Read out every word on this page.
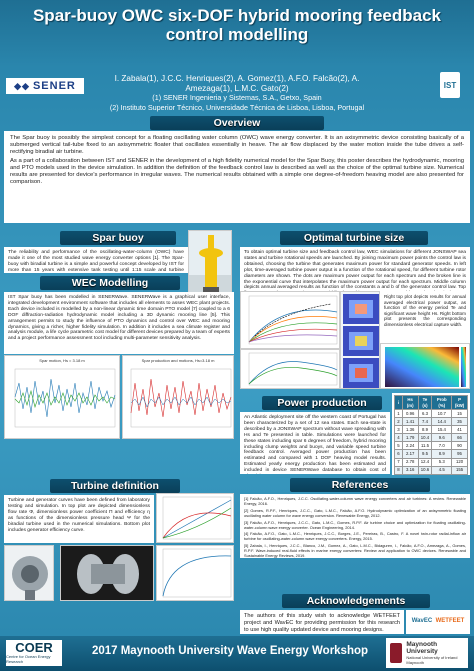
Spar-buoy OWC six-DOF hybrid mooring feedback control modelling
◆◆ SENER	IST
I. Zabala(1), J.C.C. Henriques(2), A. Gomez(1), A.F.O. Falcão(2), A. Amezaga(1), L.M.C. Gato(2)
(1) SENER Ingenieria y Sistemas, S.A., Getxo, Spain
(2) Instituto Superior Técnico, Universidade Técnica de Lisboa, Lisboa, Portugal
Overview

The Spar buoy is possibly the simplest concept for a floating oscillating water column (OWC) wave energy converter. It is an axisymmetric device consisting basically of a submerged vertical tail-tube fixed to an axisymmetric floater that oscillates essentially in heave. The air flow displaced by the water motion inside the tube drives a self-rectifying biradial air turbine.

As a part of a collaboration between IST and SENER in the development of a high fidelity numerical model for the Spar Buoy, this poster describes the hydrodynamic, mooring and PTO models used in the device simulation. In addition the definition of the feedback control law is described as well as the choice of the optimal turbine size. Numerical results are presented for device's performance in irregular waves. The numerical results obtained with a simple one degree-of-freedom heaving model are also presented for comparison.

Spar buoy

The reliability and performance of the oscillating-water-column (OWC) have made it one of the most studied wave energy converter options [1]. The Spar-buoy with biradial turbine is a simple and powerful concept developed by IST for more than 15 years with extensive tank testing until 1:15 scale and turbine

WEC Modelling

IST Spar buoy has been modelled in SENERWave. SENERWave is a graphical user interface, integrated development environment software that includes all elements to asses WEC plant projects. Each device included is modelled by a non-linear dynamic time domain PTO model [7] coupled to a 6 DOF diffraction-radiation hydrodynamic model including a 3D dynamic mooring line [5]. This arrangement permits to study the influence of PTO dynamics and control over WEC and mooring dynamics, giving a richer, higher fidelity simulation. In addition it includes a sea climate register and analysis module, a life cycle parametric cost model for different devices prepared by a team of experts and a project performance assessment tool including multi-parameter sensitivity analysis.

Spar motion, Hs = 3.18 m	Spar production and motions, Hs=3.18 m
Optimal turbine size

To obtain optimal turbine size and feedback control law, WEC simulations for different JONSWAP sea states and turbine rotational speeds are launched. By joining maximum power points the control law is obtained, choosing the turbine that generates maximum power for standard generator speeds. In left plot, time-averaged turbine power output is a function of the rotational speed, for different turbine rotor diameters are shown. The dots are maximum power output for each spectrum and the broken line is the exponential curve that interpolates the maximum power output for each spectrum. Middle column depicts annual averaged results as function of the constants a and b of the generator control law. Top

Right top plot depicts results for annual averaged electrical power output, as function of the energy period Te and significant wave height Hs. Right bottom plot presents the corresponding dimensionless electrical capture width.

Power production

An Atlantic deployment site off the western coast of Portugal has been characterized by a set of 12 sea states. Each sea-state is described by a JONSWAP spectrum without wave spreading with Hs and Te presented in table. Simulations were launched for these states including spar 6 degrees of freedom, hybrid mooring including clump weights and buoys, and variable speed turbine feedback control. Averaged power production has been estimated and compared with 1 DOF heaving model results. Estimated yearly energy production has been estimated and included in device SENERWave database to obtain cost of

i	Hs (m)	Te (s)	Prob (%)	P (kW)
1	0.96	6.3	10.7	15
2	1.41	7.4	14.4	35
3	1.36	8.9	15.4	41
4	1.79	10.4	9.6	66
5	2.24	11.5	7.0	90
6	2.17	9.5	8.9	95
7	2.78	12.4	5.3	120
8	3.16	10.6	4.5	155

Turbine definition

Turbine and generator curves have been defined from laboratory testing and simulation. In top plot are depicted dimensionless flow rate Φ, dimensionless power coefficient Π and efficiency η as functions of the dimensionless pressure head Ψ for the biradial turbine used in the numerical simulations. Bottom plot includes generator efficiency curve.

References

[1] Falcão, A.F.O., Henriques, J.C.C. Oscillating-water-column wave energy converters and air turbines: A review. Renewable Energy, 2016.

[2] Gomes, R.P.F., Henriques, J.C.C., Gato, L.M.C., Falcão, A.F.O. Hydrodynamic optimization of an axisymmetric floating oscillating water column for wave energy conversion. Renewable Energy, 2012.

[3] Falcão, A.F.O., Henriques, J.C.C., Gato, L.M.C., Gomes, R.P.F. Air turbine choice and optimization for floating oscillating-water-column wave energy converter. Ocean Engineering, 2014.

[4] Falcão, A.F.O., Gato, L.M.C., Henriques, J.C.C., Borges, J.E., Pereiras, B., Castro, F. A novel twin-rotor radial-inflow air turbine for oscillating-water-column wave energy converters. Energy, 2015.

[5] Zabala, I., Henriques, J.C.C., Blanco, J.M., Gomez, A., Gato, L.M.C., Bidaguren, I., Falcão, A.F.O., Amezaga, A., Gomes, R.P.F. Wave-induced real-fluid effects in marine energy converters: Review and application to OWC devices. Renewable and Sustainable Energy Reviews, 2019.

Acknowledgements

The authors of this study wish to acknowledge WETFEET project and WavEC for providing permission for this research to use high quality updated device and mooring designs.

WavEC WETFEET
COER
Centre for Ocean Energy Research
2017 Maynooth University Wave Energy Workshop
Maynooth University
National University of Ireland Maynooth
